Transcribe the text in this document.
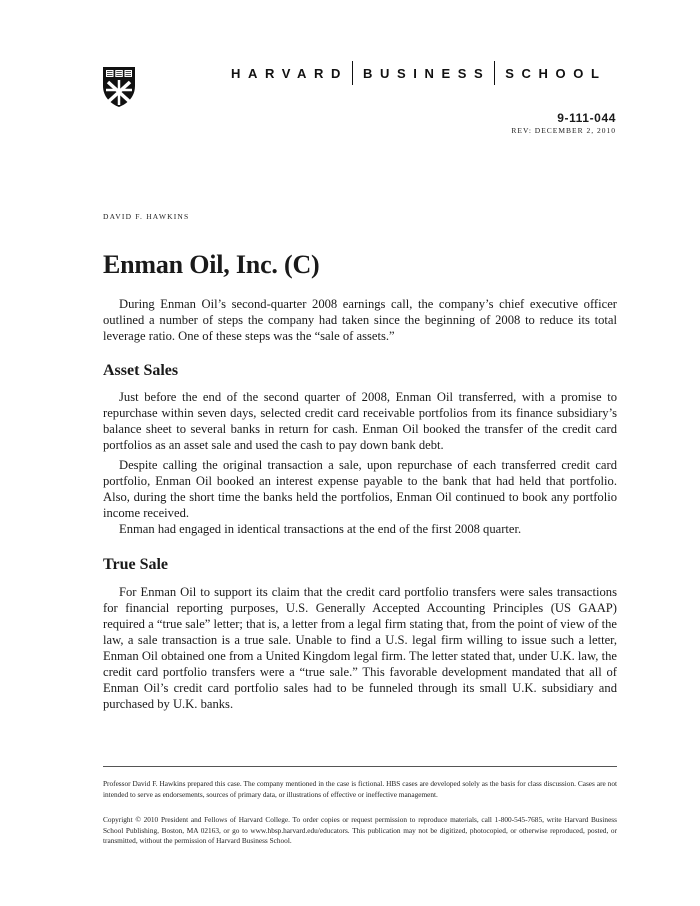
HARVARD BUSINESS SCHOOL
9-111-044
REV: DECEMBER 2, 2010
DAVID F. HAWKINS
Enman Oil, Inc. (C)

During Enman Oil’s second-quarter 2008 earnings call, the company’s chief executive officer outlined a number of steps the company had taken since the beginning of 2008 to reduce its total leverage ratio. One of these steps was the “sale of assets.”

Asset Sales

Just before the end of the second quarter of 2008, Enman Oil transferred, with a promise to repurchase within seven days, selected credit card receivable portfolios from its finance subsidiary’s balance sheet to several banks in return for cash. Enman Oil booked the transfer of the credit card portfolios as an asset sale and used the cash to pay down bank debt.

Despite calling the original transaction a sale, upon repurchase of each transferred credit card portfolio, Enman Oil booked an interest expense payable to the bank that had held that portfolio. Also, during the short time the banks held the portfolios, Enman Oil continued to book any portfolio income received.

Enman had engaged in identical transactions at the end of the first 2008 quarter.

True Sale

For Enman Oil to support its claim that the credit card portfolio transfers were sales transactions for financial reporting purposes, U.S. Generally Accepted Accounting Principles (US GAAP) required a “true sale” letter; that is, a letter from a legal firm stating that, from the point of view of the law, a sale transaction is a true sale. Unable to find a U.S. legal firm willing to issue such a letter, Enman Oil obtained one from a United Kingdom legal firm. The letter stated that, under U.K. law, the credit card portfolio transfers were a “true sale.” This favorable development mandated that all of Enman Oil’s credit card portfolio sales had to be funneled through its small U.K. subsidiary and purchased by U.K. banks.

Professor David F. Hawkins prepared this case. The company mentioned in the case is fictional. HBS cases are developed solely as the basis for class discussion. Cases are not intended to serve as endorsements, sources of primary data, or illustrations of effective or ineffective management.

Copyright © 2010 President and Fellows of Harvard College. To order copies or request permission to reproduce materials, call 1-800-545-7685, write Harvard Business School Publishing, Boston, MA 02163, or go to www.hbsp.harvard.edu/educators. This publication may not be digitized, photocopied, or otherwise reproduced, posted, or transmitted, without the permission of Harvard Business School.
